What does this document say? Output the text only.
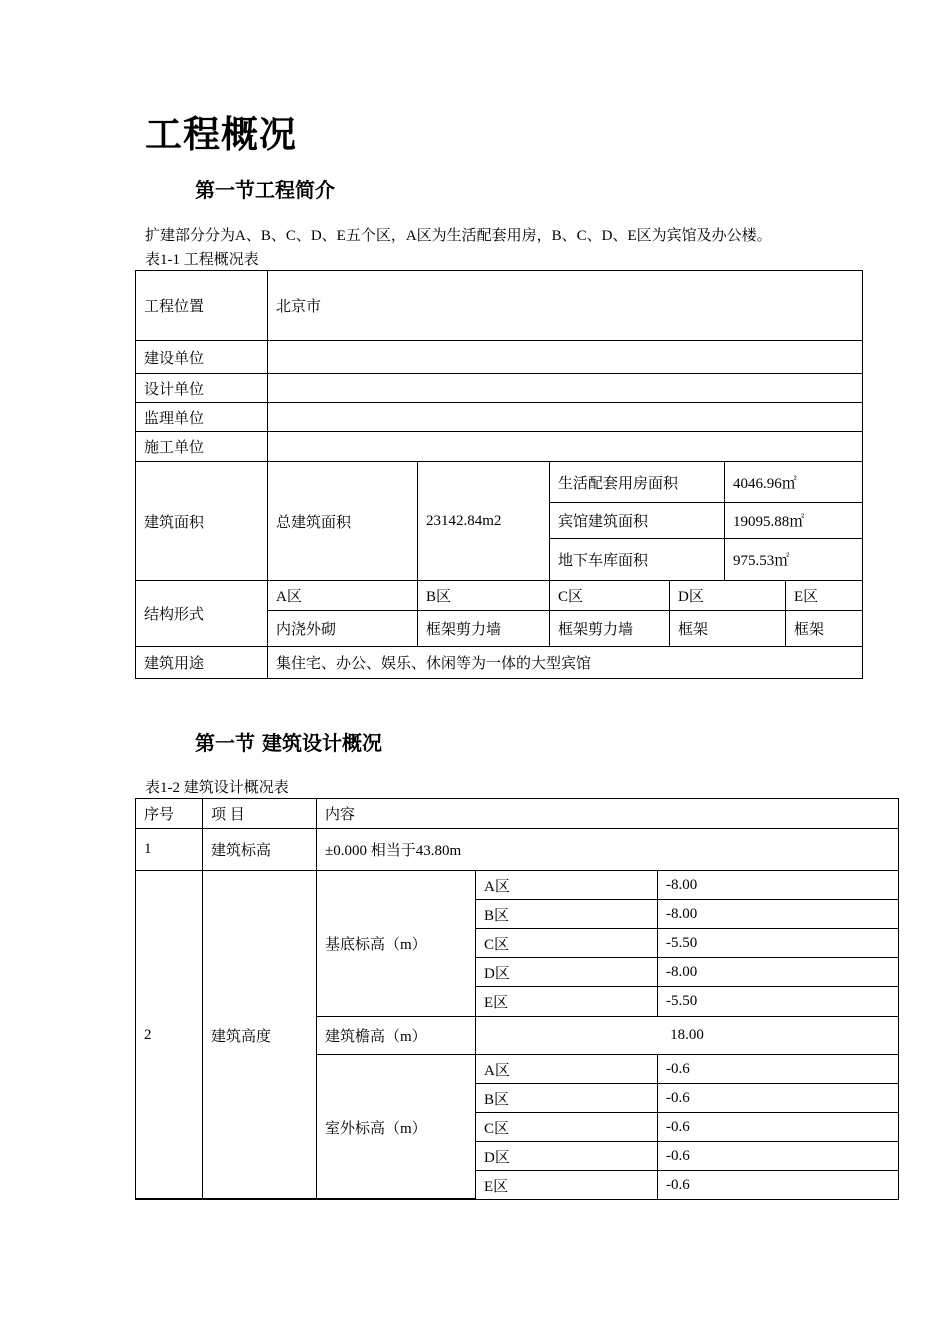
工程概况
第一节工程简介
扩建部分分为A、B、C、D、E五个区，A区为生活配套用房，B、C、D、E区为宾馆及办公楼。
表1-1 工程概况表
工程位置	北京市					
建设单位						
设计单位						
监理单位						
施工单位						
建筑面积	总建筑面积	23142.84m2	生活配套用房面积		4046.96㎡	
			宾馆建筑面积		19095.88㎡	
			地下车库面积		975.53㎡	
结构形式	A区	B区	C区	D区		E区
	内浇外砌	框架剪力墙	框架剪力墙	框架		框架
建筑用途	集住宅、办公、娱乐、休闲等为一体的大型宾馆					
第一节 建筑设计概况
表1-2 建筑设计概况表
序号	项 目	内容		
1	建筑标高	±0.000 相当于43.80m		
2	建筑高度	基底标高（m）	A区	-8.00
			B区	-8.00
			C区	-5.50
			D区	-8.00
			E区	-5.50
		建筑檐高（m）	18.00	
		室外标高（m）	A区	-0.6
			B区	-0.6
			C区	-0.6
			D区	-0.6
			E区	-0.6
